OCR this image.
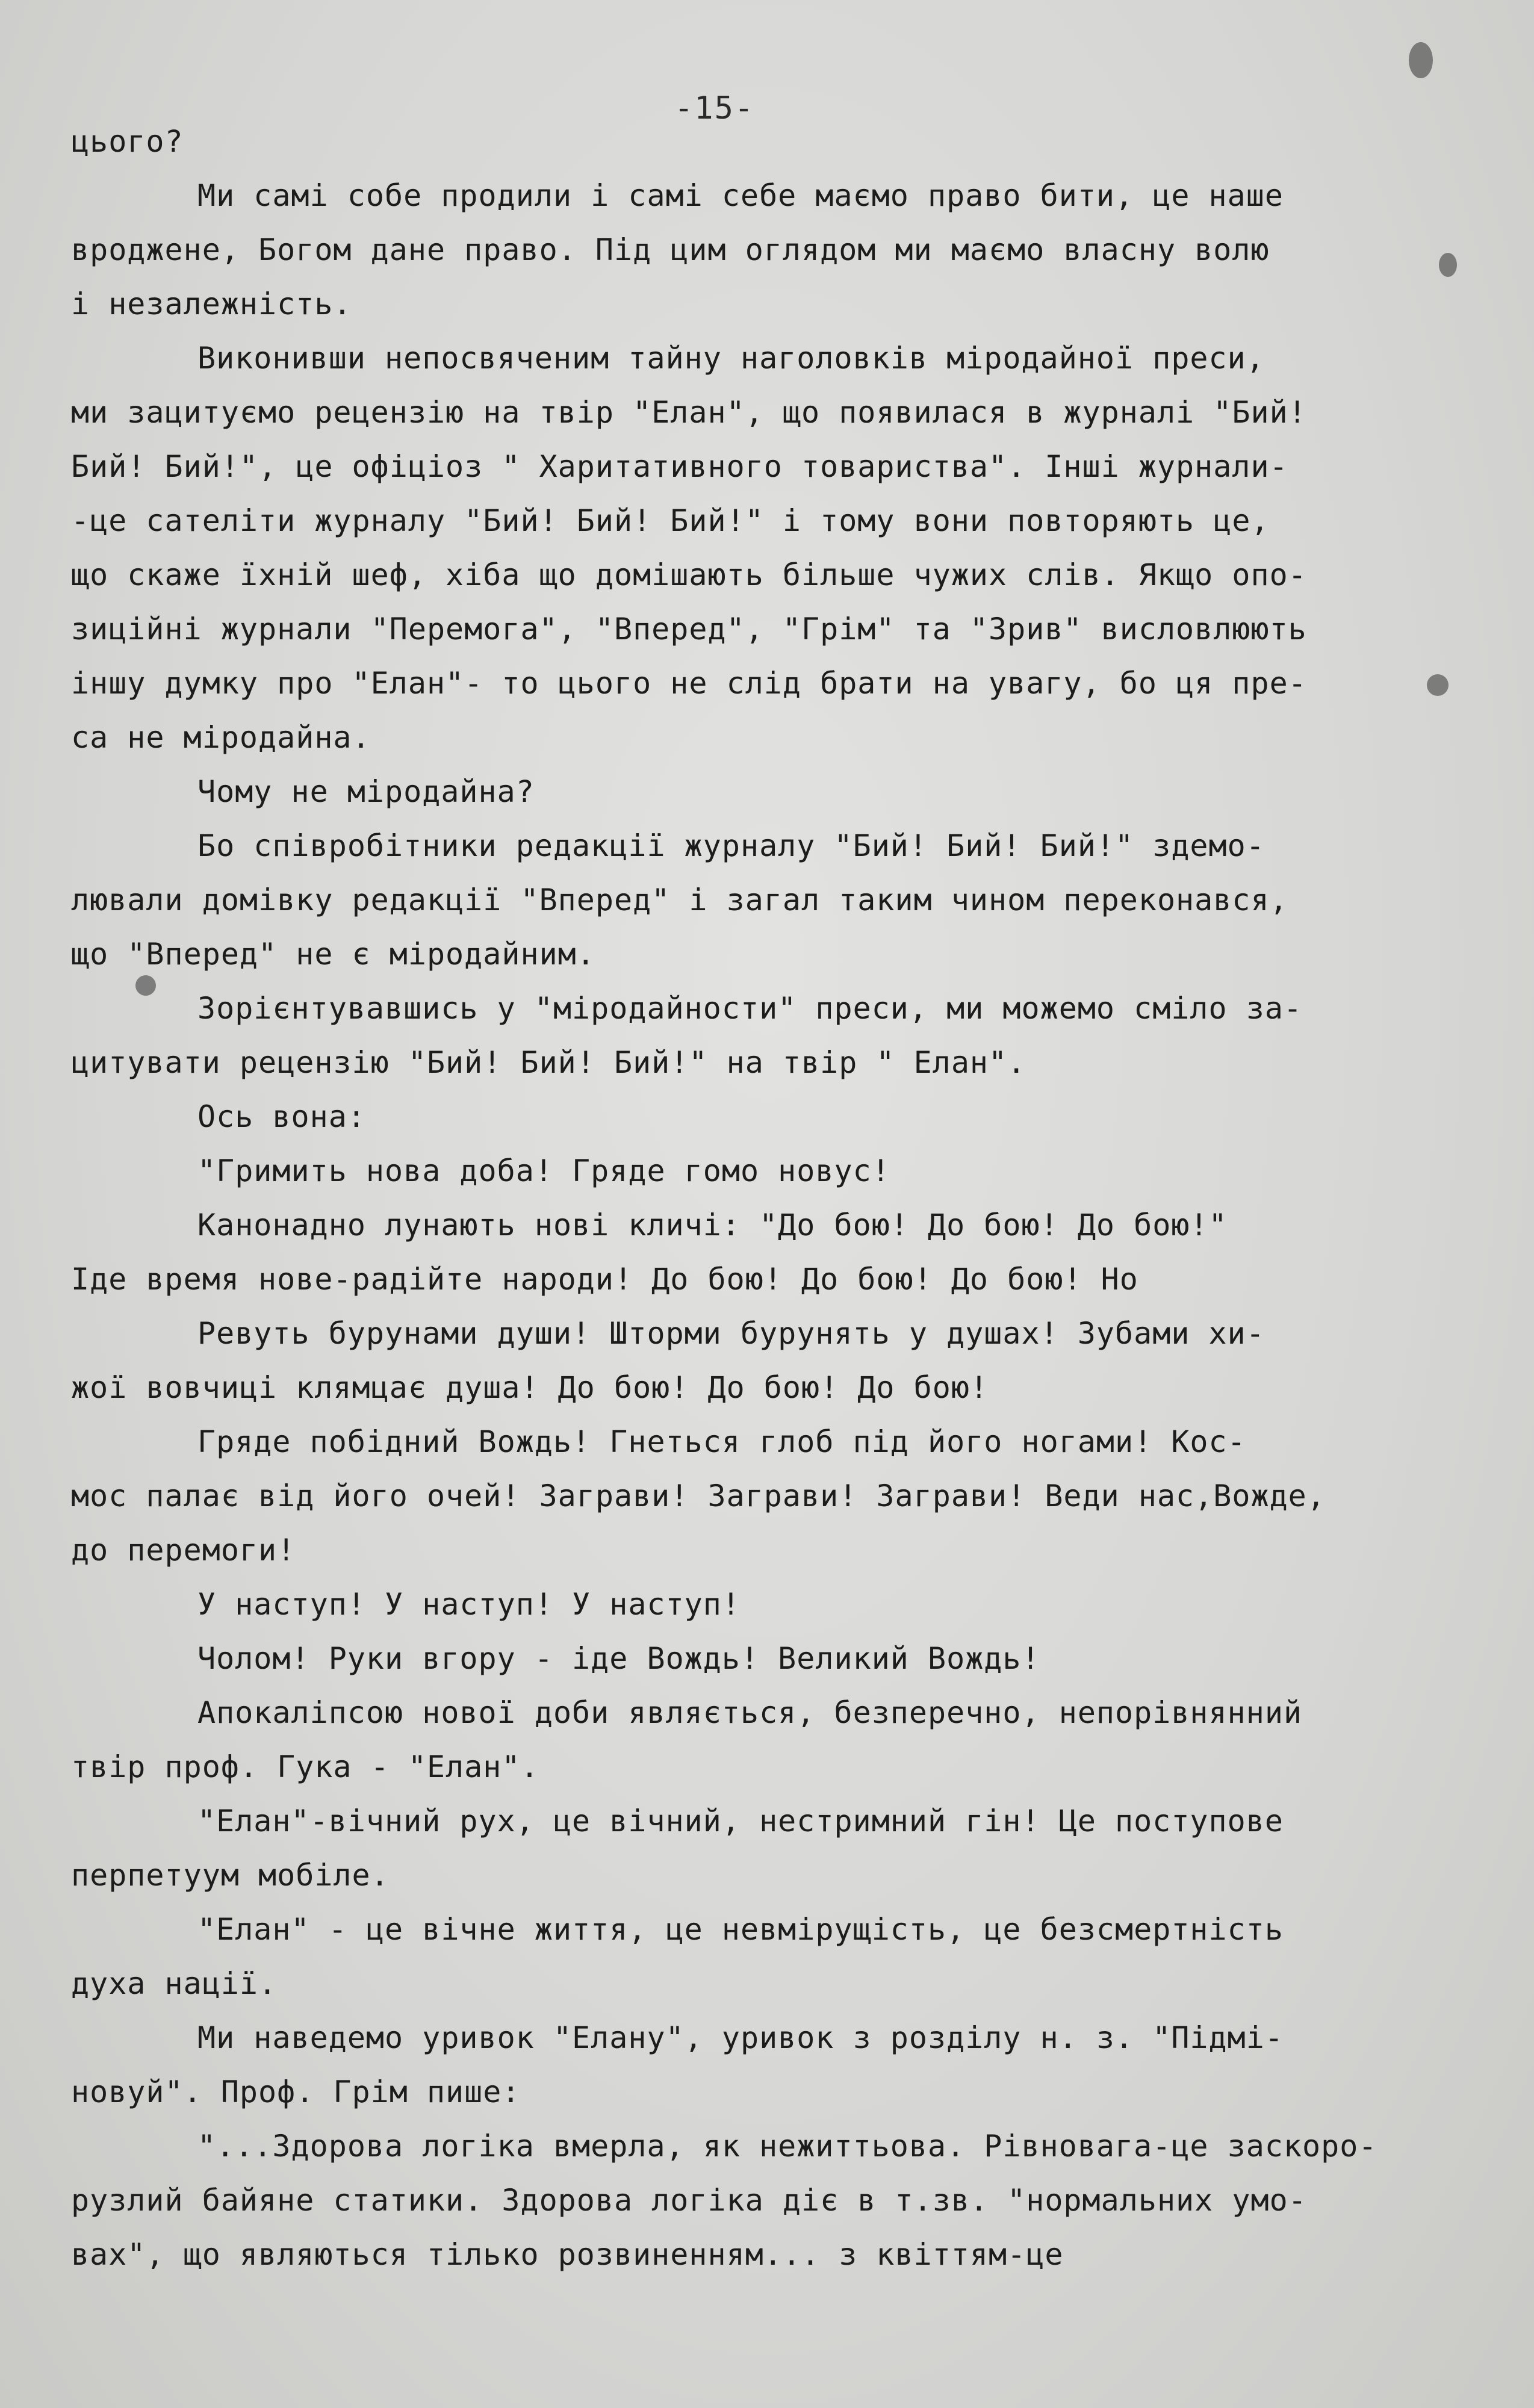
-15-
цього?
Ми самі собе продили і самі себе маємо право бити, це наше
вроджене, Богом дане право. Під цим оглядом ми маємо власну волю
і незалежність.
Виконивши непосвяченим тайну наголовків міродайної преси,
ми зацитуємо рецензію на твір "Елан", що появилася в журналі "Бий!
Бий! Бий!", це офіціоз " Харитативного товариства". Інші журнали-
-це сателіти журналу "Бий! Бий! Бий!" і тому вони повторяють це,
що скаже їхній шеф, хіба що домішають більше чужих слів. Якщо опо-
зиційні журнали "Перемога", "Вперед", "Грім" та "Зрив" висловлюють
іншу думку про "Елан"- то цього не слід брати на увагу, бо ця пре-
са не міродайна.
Чому не міродайна?
Бо співробітники редакції журналу "Бий! Бий! Бий!" здемо-
лювали домівку редакції "Вперед" і загал таким чином переконався,
що "Вперед" не є міродайним.
Зорієнтувавшись у "міродайности" преси, ми можемо сміло за-
цитувати рецензію "Бий! Бий! Бий!" на твір " Елан".
Ось вона:
"Гримить нова доба! Гряде гомо новус!
Канонадно лунають нові кличі: "До бою! До бою! До бою!"
Іде время нове-радійте народи! До бою! До бою! До бою! Но
Ревуть бурунами души! Шторми бурунять у душах! Зубами хи-
жої вовчиці клямцає душа! До бою! До бою! До бою!
Гряде побідний Вождь! Гнеться глоб під його ногами! Кос-
мос палає від його очей! Заграви! Заграви! Заграви! Веди нас,Вожде,
до перемоги!
У наступ! У наступ! У наступ!
Чолом! Руки вгору - іде Вождь! Великий Вождь!
Апокаліпсою нової доби являється, безперечно, непорівнянний
твір проф. Гука - "Елан".
"Елан"-вічний рух, це вічний, нестримний гін! Це поступове
перпетуум мобіле.
"Елан" - це вічне життя, це невмірущість, це безсмертність
духа нації.
Ми наведемо уривок "Елану", уривок з розділу н. з. "Підмі-
новуй". Проф. Грім пише:
"...Здорова логіка вмерла, як нежиттьова. Рівновага-це заскоро-
рузлий байяне статики. Здорова логіка діє в т.зв. "нормальних умо-
вах", що являються тілько розвиненням... з квіттям-це
